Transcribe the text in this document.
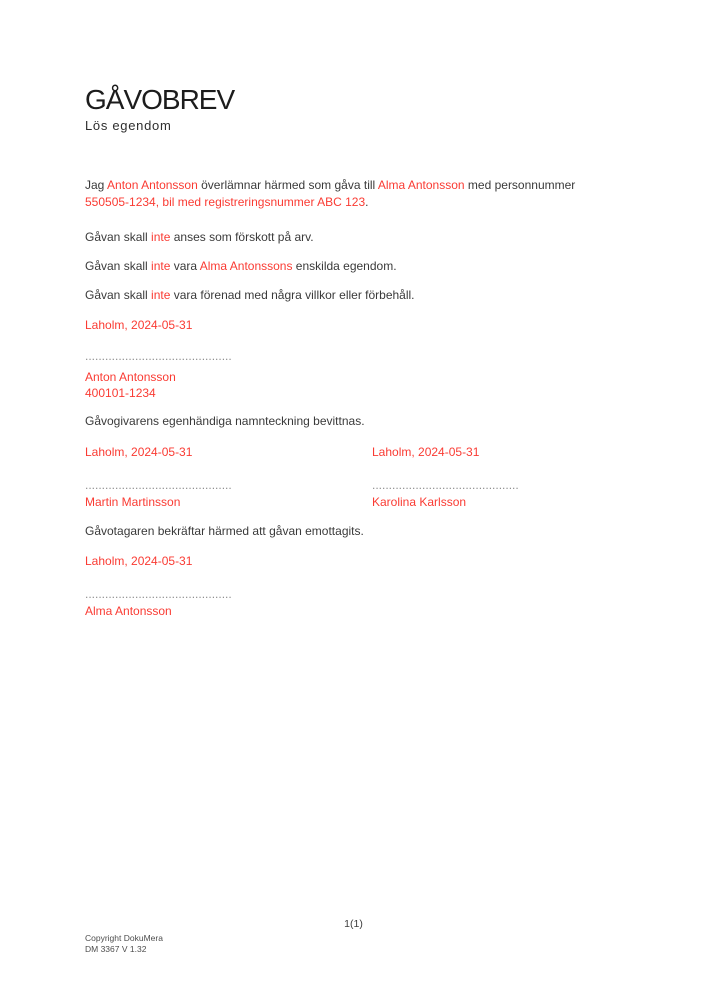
GÅVOBREV
Lös egendom

Jag Anton Antonsson överlämnar härmed som gåva till Alma Antonsson med personnummer
550505-1234, bil med registreringsnummer ABC 123.

Gåvan skall inte anses som förskott på arv.

Gåvan skall inte vara Alma Antonssons enskilda egendom.

Gåvan skall inte vara förenad med några villkor eller förbehåll.

Laholm, 2024-05-31
............................................
Anton Antonsson
400101-1234

Gåvogivarens egenhändiga namnteckning bevittnas.

Laholm, 2024-05-31	Laholm, 2024-05-31
............................................	............................................
Martin Martinsson	Karolina Karlsson

Gåvotagaren bekräftar härmed att gåvan emottagits.

Laholm, 2024-05-31
............................................
Alma Antonsson
1(1)
Copyright DokuMera
DM 3367 V 1.32
